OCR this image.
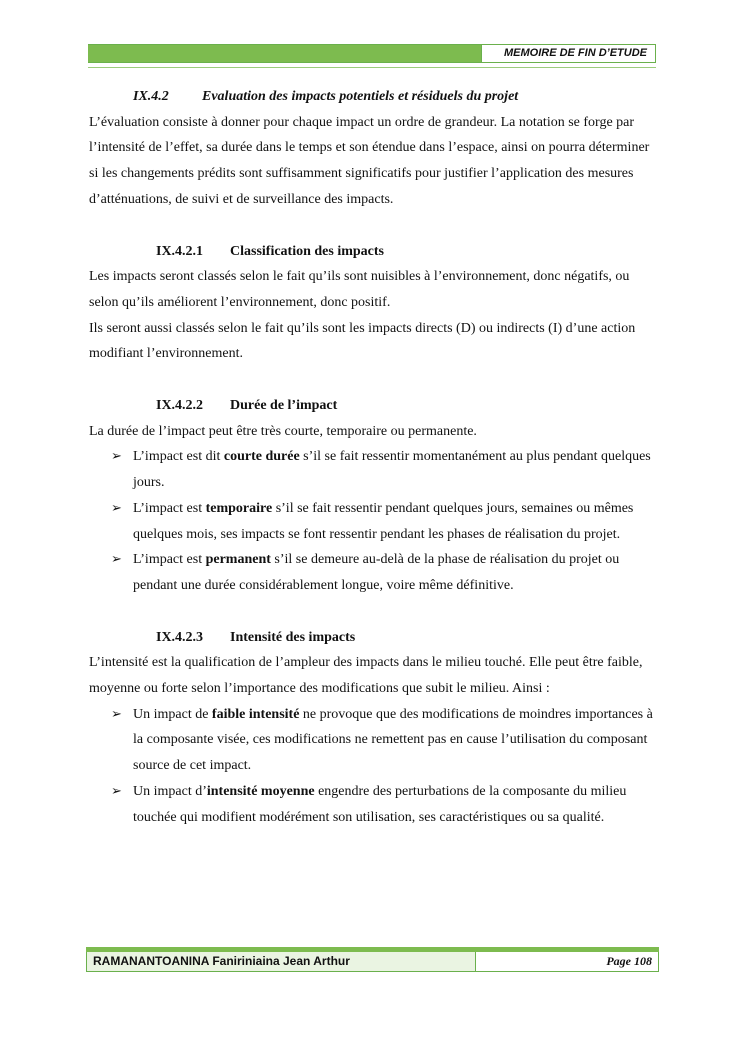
MEMOIRE DE FIN D’ETUDE

IX.4.2 Evaluation des impacts potentiels et résiduels du projet

L’évaluation consiste à donner pour chaque impact un ordre de grandeur. La notation se forge par l’intensité de l’effet, sa durée dans le temps et son étendue dans l’espace, ainsi on pourra déterminer si les changements prédits sont suffisamment significatifs pour justifier l’application des mesures d’atténuations, de suivi et de surveillance des impacts.

IX.4.2.1 Classification des impacts

Les impacts seront classés selon le fait qu’ils sont nuisibles à l’environnement, donc négatifs, ou selon qu’ils améliorent l’environnement, donc positif.

Ils seront aussi classés selon le fait qu’ils sont les impacts directs (D) ou indirects (I) d’une action modifiant l’environnement.

IX.4.2.2 Durée de l’impact

La durée de l’impact peut être très courte, temporaire ou permanente.

➢ L’impact est dit courte durée s’il se fait ressentir momentanément au plus pendant quelques jours.
➢ L’impact est temporaire s’il se fait ressentir pendant quelques jours, semaines ou mêmes quelques mois, ses impacts se font ressentir pendant les phases de réalisation du projet.
➢ L’impact est permanent s’il se demeure au-delà de la phase de réalisation du projet ou pendant une durée considérablement longue, voire même définitive.

IX.4.2.3 Intensité des impacts

L’intensité est la qualification de l’ampleur des impacts dans le milieu touché. Elle peut être faible, moyenne ou forte selon l’importance des modifications que subit le milieu. Ainsi :

➢ Un impact de faible intensité ne provoque que des modifications de moindres importances à la composante visée, ces modifications ne remettent pas en cause l’utilisation du composant source de cet impact.
➢ Un impact d’intensité moyenne engendre des perturbations de la composante du milieu touchée qui modifient modérément son utilisation, ses caractéristiques ou sa qualité.
RAMANANTOANINA Faniriniaina Jean Arthur	Page 108
